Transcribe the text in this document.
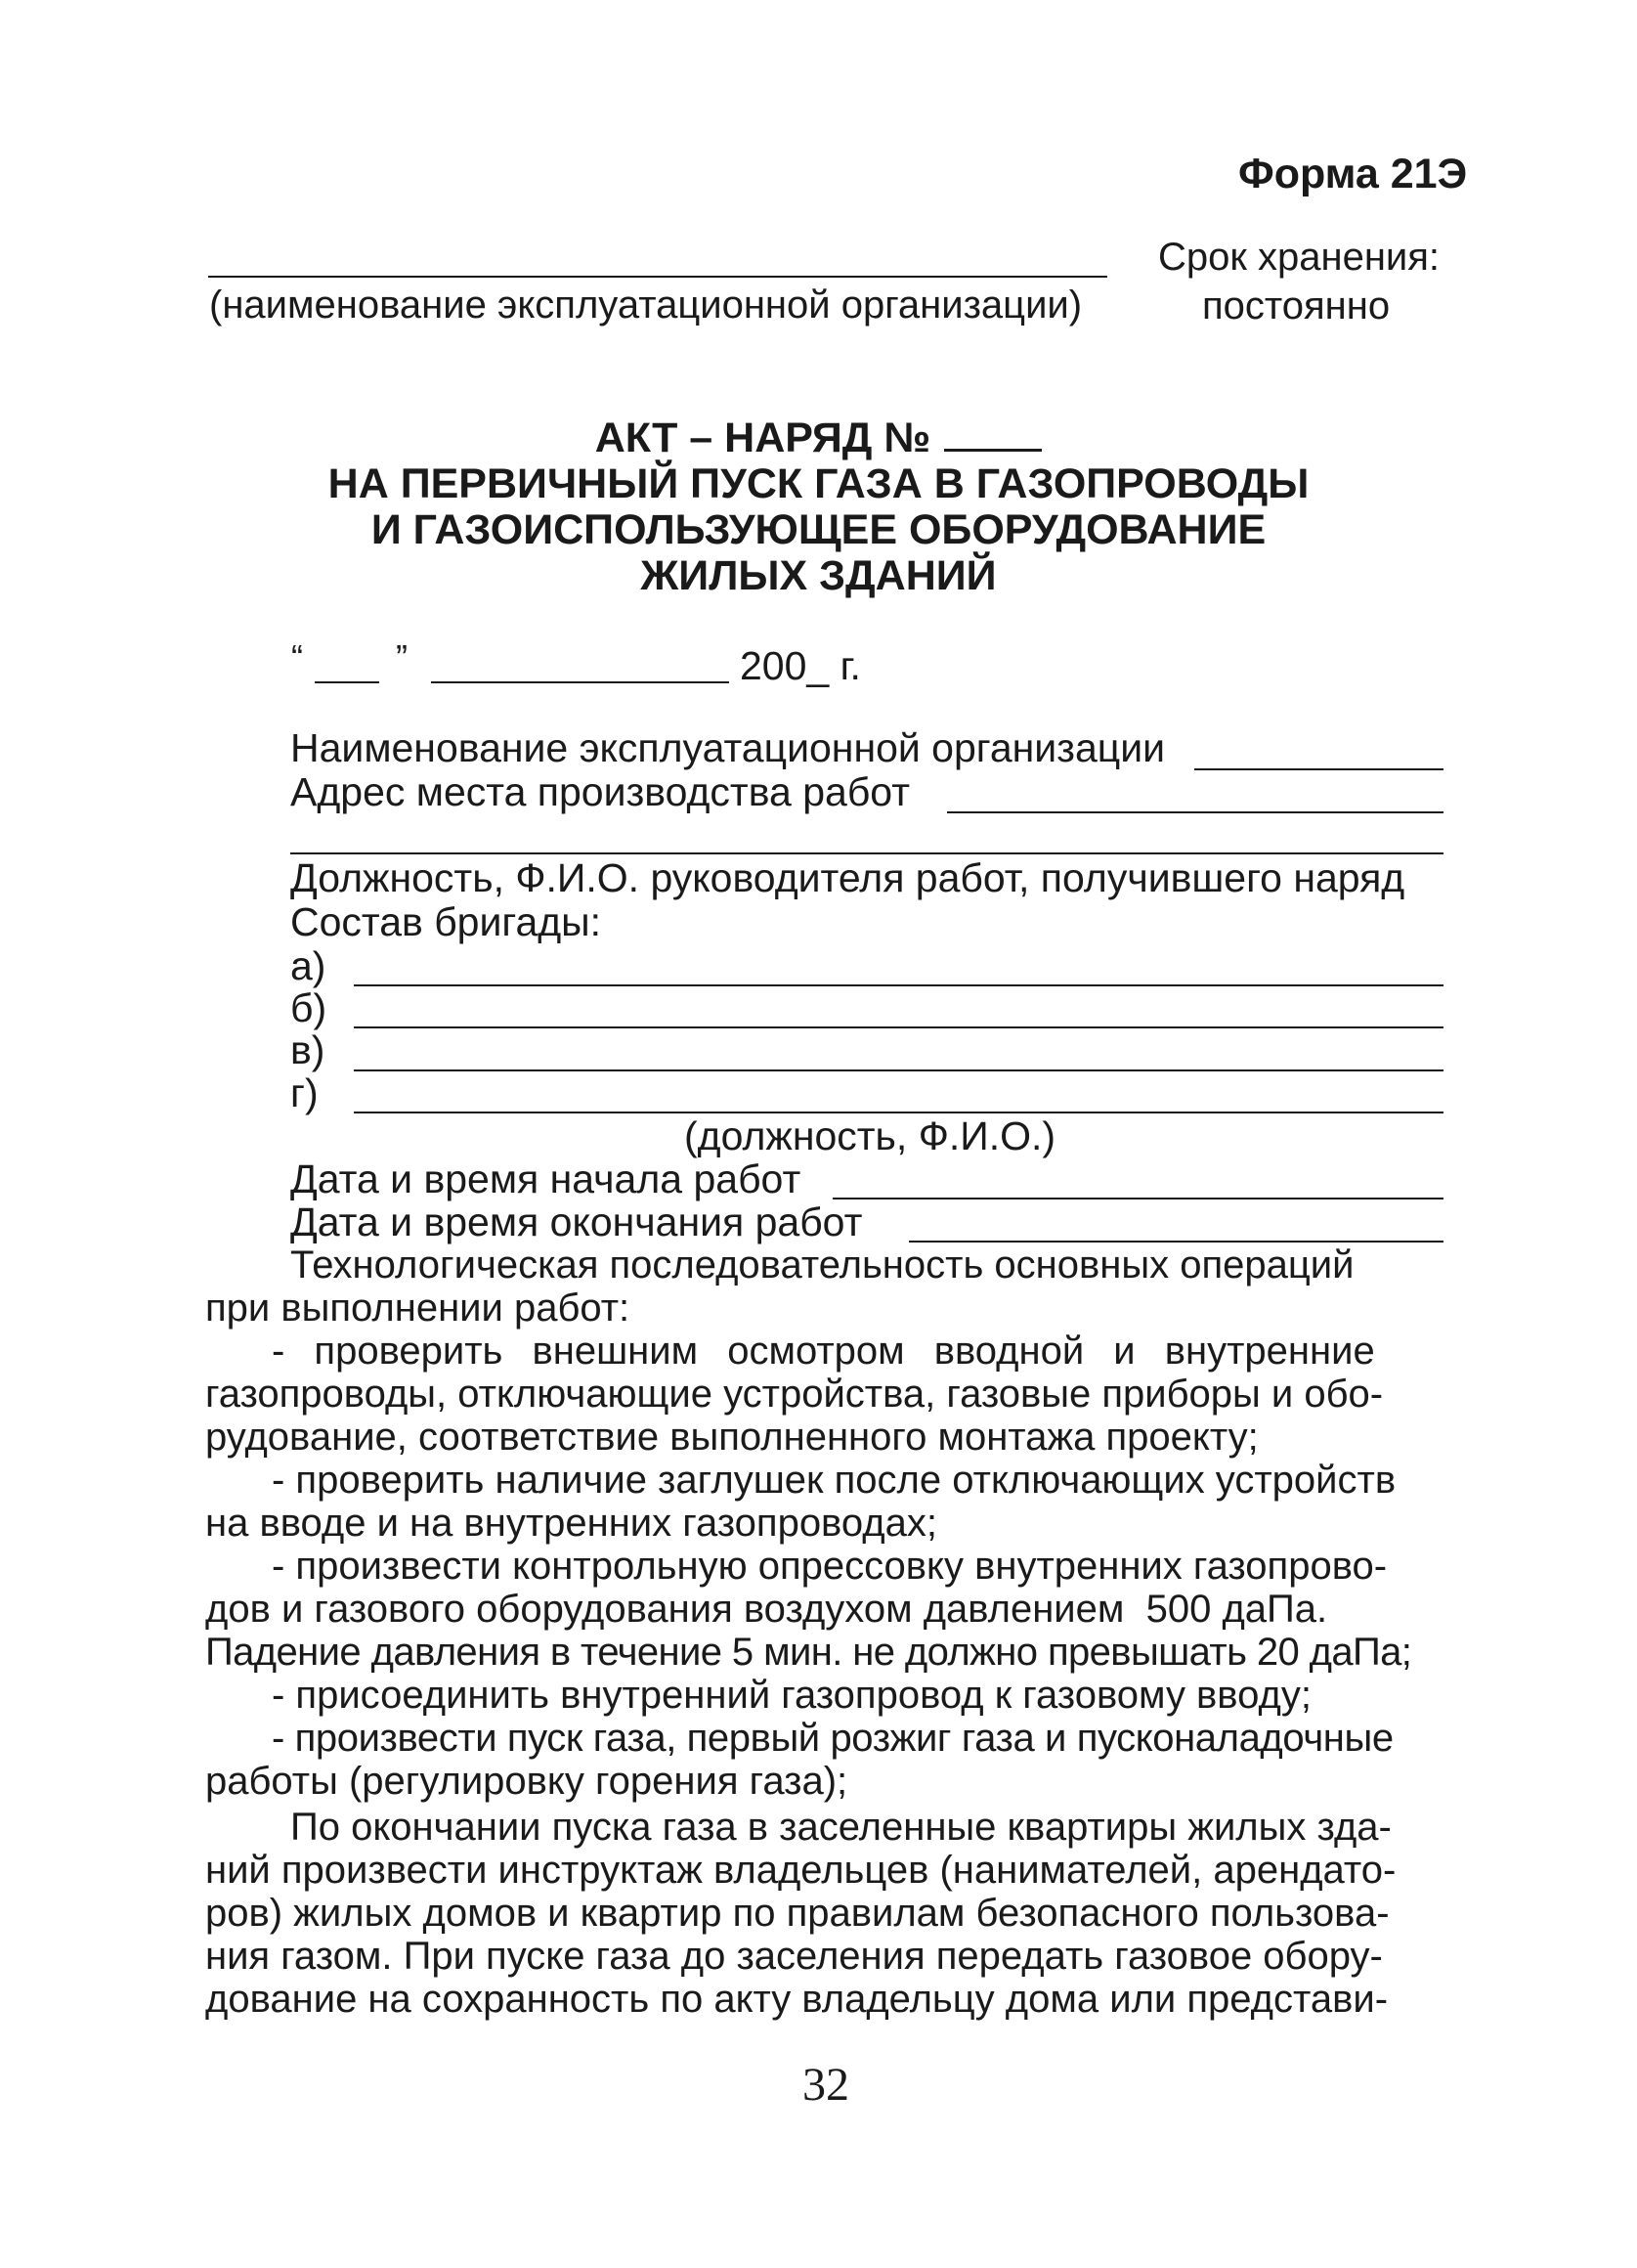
Форма 21Э
(наименование эксплуатационной организации)
Срок хранения:
постоянно
АКТ – НАРЯД №
НА ПЕРВИЧНЫЙ ПУСК ГАЗА В ГАЗОПРОВОДЫ
И ГАЗОИСПОЛЬЗУЮЩЕЕ ОБОРУДОВАНИЕ
ЖИЛЫХ ЗДАНИЙ
“	”	200_ г.
Наименование эксплуатационной организации
Адрес места производства работ
Должность, Ф.И.О. руководителя работ, получившего наряд
Состав бригады:
а)
б)
в)
г)
(должность, Ф.И.О.)
Дата и время начала работ
Дата и время окончания работ
Технологическая последовательность основных операций
при выполнении работ:
- проверить внешним осмотром вводной и внутренние
газопроводы, отключающие устройства, газовые приборы и обо-
рудование, соответствие выполненного монтажа проекту;
- проверить наличие заглушек после отключающих устройств
на вводе и на внутренних газопроводах;
- произвести контрольную опрессовку внутренних газопрово-
дов и газового оборудования воздухом давлением  500 даПа.
Падение давления в течение 5 мин. не должно превышать 20 даПа;
- присоединить внутренний газопровод к газовому вводу;
- произвести пуск газа, первый розжиг газа и пусконаладочные
работы (регулировку горения газа);
По окончании пуска газа в заселенные квартиры жилых зда-
ний произвести инструктаж владельцев (нанимателей, арендато-
ров) жилых домов и квартир по правилам безопасного пользова-
ния газом. При пуске газа до заселения передать газовое обору-
дование на сохранность по акту владельцу дома или представи-
32
